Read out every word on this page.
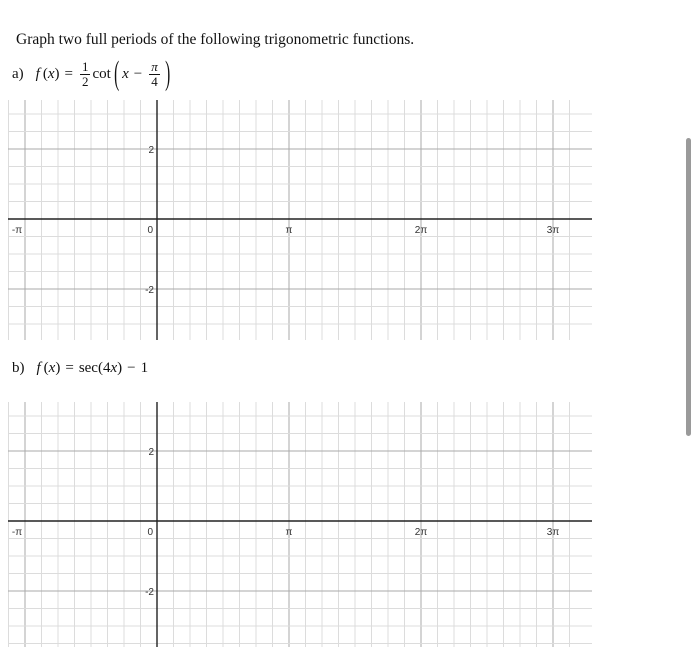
Graph two full periods of the following trigonometric functions.
a) f  ( x ) = $\frac{1}{2}$ cot ( $x - \frac{\pi}{4}$ )
-π	0	π	2π	3π
2
-2
b) f  ( x ) = sec ( 4 x ) − 1
-π	0	π	2π	3π
2
-2
